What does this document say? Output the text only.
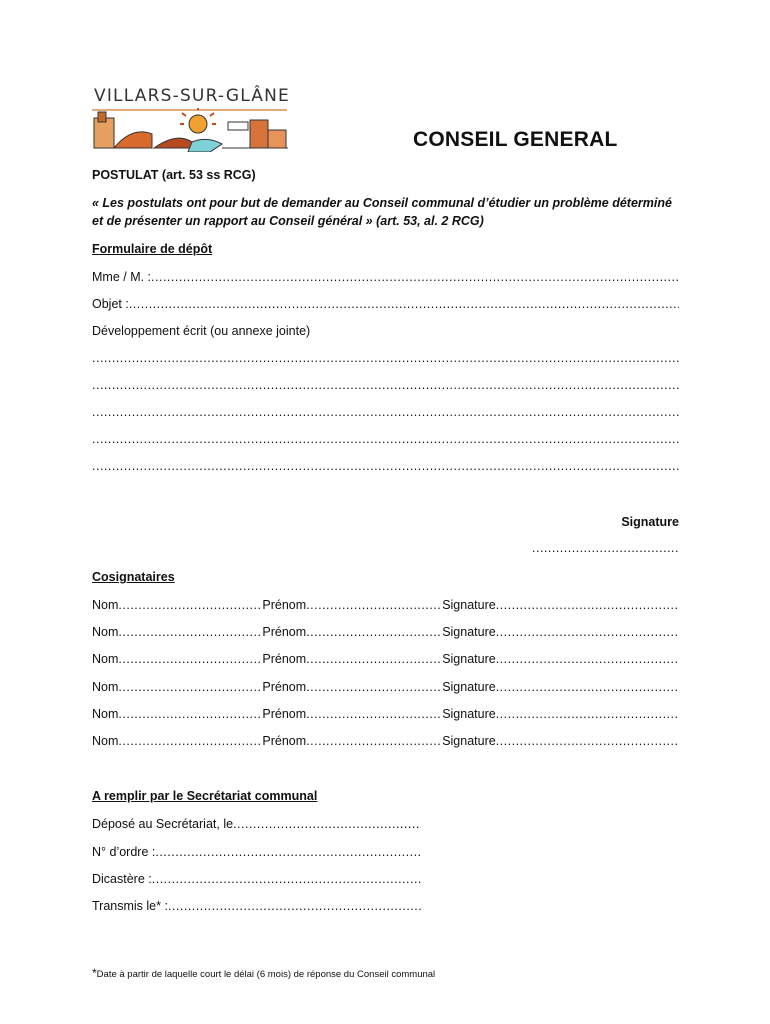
VILLARS-SUR-GLÂNE
CONSEIL GENERAL
POSTULAT (art. 53 ss RCG)
« Les postulats ont pour but de demander au Conseil communal d’étudier un problème déterminé
et de présenter un rapport au Conseil général » (art. 53, al. 2 RCG)
Formulaire de dépôt
Mme / M. :
.....
Objet :
.....
Développement écrit (ou annexe jointe)
.....
.....
.....
.....
.....
Signature
.....
Cosignataires
Nom .....	Prénom .....	Signature
.....
Nom .....	Prénom .....	Signature
.....
Nom .....	Prénom .....	Signature
.....
Nom .....	Prénom .....	Signature
.....
Nom .....	Prénom .....	Signature
.....
Nom .....	Prénom .....	Signature
.....
A remplir par le Secrétariat communal
Déposé au Secrétariat, le
.....
N° d’ordre :
.....
Dicastère :
.....
Transmis le* :
.....
*Date à partir de laquelle court le délai (6 mois) de réponse du Conseil communal
